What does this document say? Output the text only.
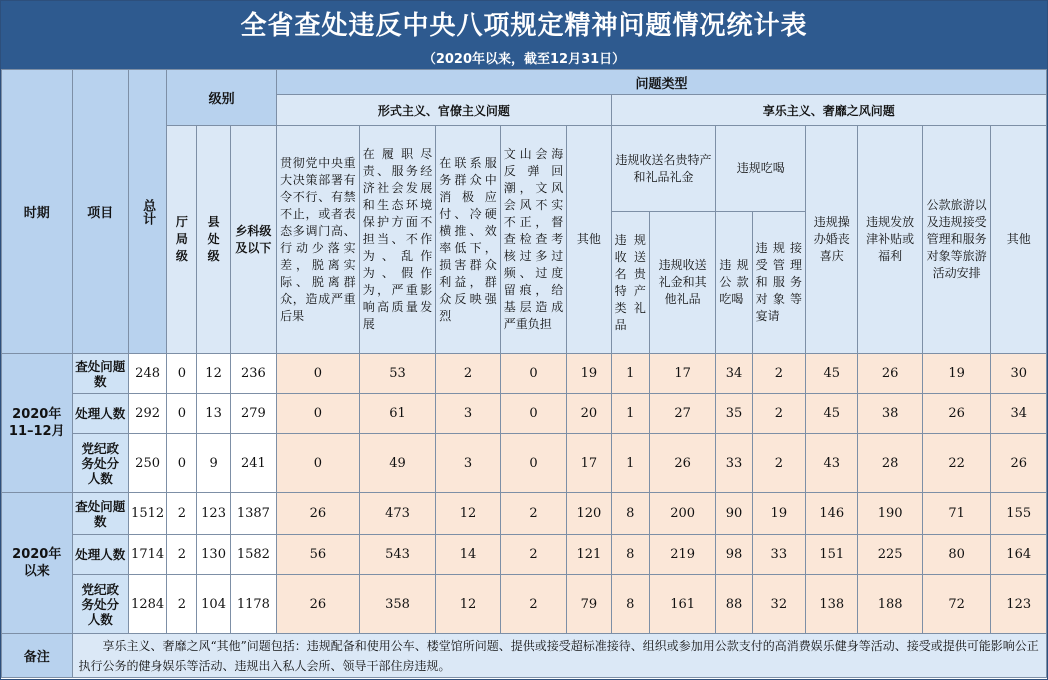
全省查处违反中央八项规定精神问题情况统计表
（2020年以来，截至12月31日）
时期	项目	总计	级别			问题类型												
						形式主义、官僚主义问题					享乐主义、奢靡之风问题							

			厅局级	县处级	乡科级及以下	贯彻党中央重大决策部署有令不行、有禁不止，或者表态多调门高、行动少落实差，脱离实际、脱离群众，造成严重后果	在履职尽责、服务经济社会发展和生态环境保护方面不担当、不作为、乱作为、假作为，严重影响高质量发展	在联系服务群众中消极应付、冷硬横推、效率低下，损害群众利益，群众反映强烈	文山会海反弹回潮，文风会风不实不正，督查检查考核过多过频、过度留痕，给基层造成严重负担	其他	违规收送名贵特产和礼品礼金		违规吃喝		违规操办婚丧喜庆	违规发放津补贴或福利	公款旅游以及违规接受管理和服务对象等旅游活动安排	其他

											违规收送名贵特产类礼品	违规收送礼金和其他礼品	违规公款吃喝	违规接受管理和服务对象等宴请				

2020年11–12月	查处问题数	248	0	12	236	0	53	2	0	19	1	17	34	2	45	26	19	30
	处理人数	292	0	13	279	0	61	3	0	20	1	27	35	2	45	38	26	34

	党纪政务处分人数	250	0	9	241	0	49	3	0	17	1	26	33	2	43	28	22	26

2020年以来	查处问题数	1512	2	123	1387	26	473	12	2	120	8	200	90	19	146	190	71	155
	处理人数	1714	2	130	1582	56	543	14	2	121	8	219	98	33	151	225	80	164

	党纪政务处分人数	1284	2	104	1178	26	358	12	2	79	8	161	88	32	138	188	72	123
备注	享乐主义、奢靡之风“其他”问题包括：违规配备和使用公车、楼堂馆所问题、提供或接受超标准接待、组织或参加用公款支付的高消费娱乐健身等活动、接受或提供可能影响公正执行公务的健身娱乐等活动、违规出入私人会所、领导干部住房违规。																	
